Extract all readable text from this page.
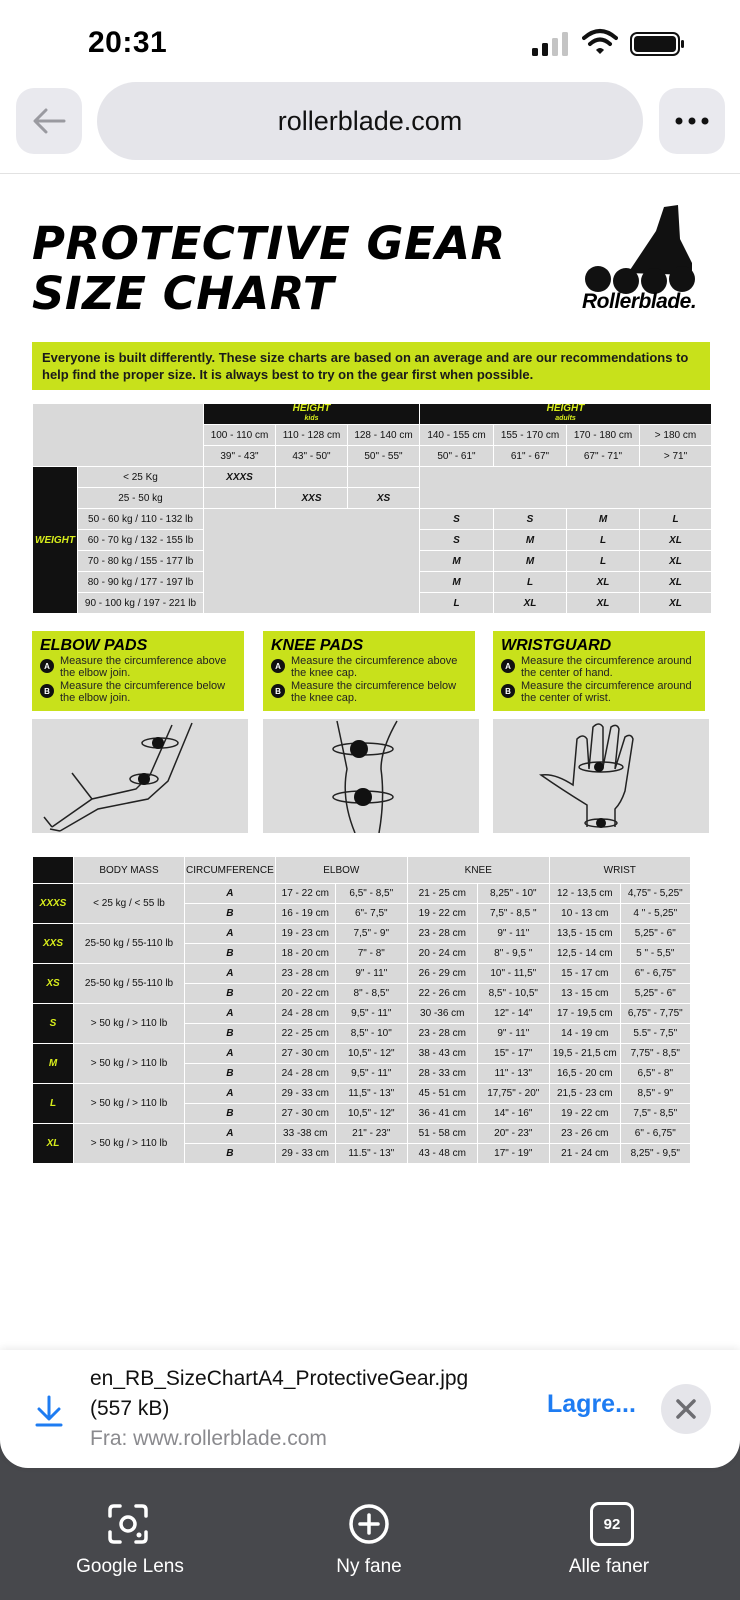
20:31
rollerblade.com
PROTECTIVE GEAR
SIZE CHART	Rollerblade.
Everyone is built differently. These size charts are based on an average and are our recommendations to help find the proper size. It is always best to try on the gear first when possible.
		HEIGHT
kids			HEIGHT
adults			

		100 - 110 cm	110 - 128 cm	128 - 140 cm	140 - 155 cm	155 - 170 cm	170 - 180 cm	> 180 cm
		39" - 43"	43" - 50"	50" - 55"	50" - 61"	61" - 67"	67" - 71"	> 71"
WEIGHT	< 25 Kg	XXXS						
	25 - 50 kg		XXS	XS				
	50 - 60 kg / 110 - 132 lb				S	S	M	L
	60 - 70 kg / 132 - 155 lb				S	M	L	XL
	70 - 80 kg / 155 - 177 lb				M	M	L	XL
	80 - 90 kg / 177 - 197 lb				M	L	XL	XL
	90 - 100 kg / 197 - 221 lb				L	XL	XL	XL
ELBOW PADS
A Measure the circumference above the elbow join.
B Measure the circumference below the elbow join.
KNEE PADS
A Measure the circumference above the knee cap.
B Measure the circumference below the knee cap.
WRISTGUARD
A Measure the circumference around the center of hand.
B Measure the circumference around the center of wrist.
	BODY MASS	CIRCUMFERENCE	ELBOW		KNEE		WRIST	
XXXS	< 25 kg / < 55 lb	A	17 - 22 cm	6,5" - 8,5"	21 - 25 cm	8,25" - 10"	12 - 13,5 cm	4,75" - 5,25"
		B	16 - 19 cm	6"- 7,5"	19 - 22 cm	7,5" - 8,5 "	10 - 13 cm	4 " - 5,25"
XXS	25-50 kg / 55-110 lb	A	19 - 23 cm	7,5" - 9"	23 - 28 cm	9" - 11"	13,5 - 15 cm	5,25" - 6"
		B	18 - 20 cm	7" - 8"	20 - 24 cm	8" - 9,5 "	12,5 - 14 cm	5 " - 5,5"
XS	25-50 kg / 55-110 lb	A	23 - 28 cm	9" - 11"	26 - 29 cm	10" - 11,5"	15 - 17 cm	6" - 6,75"
		B	20 - 22 cm	8" - 8,5"	22 - 26 cm	8,5" - 10,5"	13 - 15 cm	5,25" - 6"
S	> 50 kg / > 110 lb	A	24 - 28 cm	9,5" - 11"	30 -36 cm	12" - 14"	17 - 19,5 cm	6,75" - 7,75"
		B	22 - 25 cm	8,5" - 10"	23 - 28 cm	9" - 11"	14 - 19 cm	5.5" - 7,5"
M	> 50 kg / > 110 lb	A	27 - 30 cm	10,5" - 12"	38 - 43 cm	15" - 17"	19,5 - 21,5 cm	7,75" - 8,5"
		B	24 - 28 cm	9,5" - 11"	28 - 33 cm	11" - 13"	16,5 - 20 cm	6,5" - 8"
L	> 50 kg / > 110 lb	A	29 - 33 cm	11,5" - 13"	45 - 51 cm	17,75" - 20"	21,5 - 23 cm	8,5" - 9"
		B	27 - 30 cm	10,5" - 12"	36 - 41 cm	14" - 16"	19 - 22 cm	7,5" - 8,5"
XL	> 50 kg / > 110 lb	A	33 -38 cm	21" - 23"	51 - 58 cm	20" - 23"	23 - 26 cm	6" - 6,75"
		B	29 - 33 cm	11.5" - 13"	43 - 48 cm	17" - 19"	21 - 24 cm	8,25" - 9,5"
en_RB_SizeChartA4_ProtectiveGear.jpg
(557 kB)
Fra: www.rollerblade.com
Lagre...
Google Lens	Ny fane
92
Alle faner
